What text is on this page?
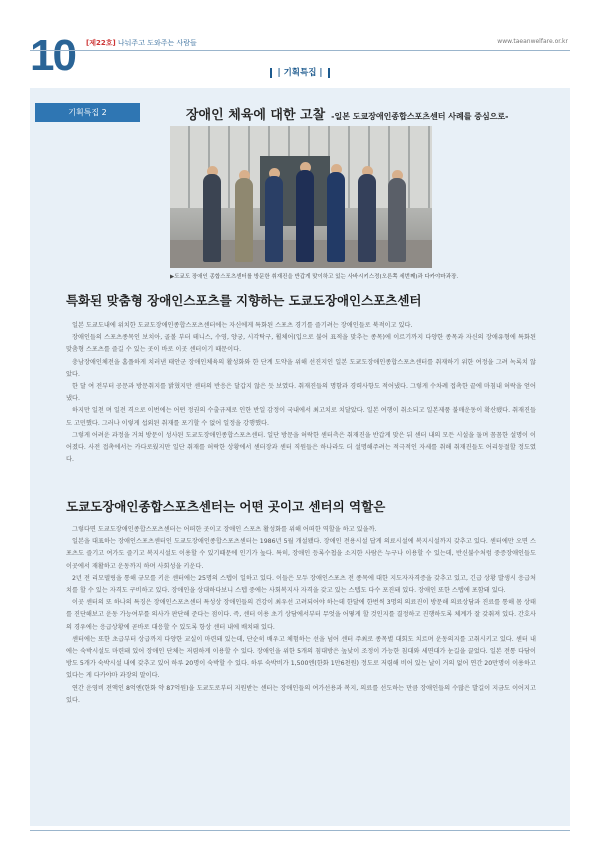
10 [제22호] 나눠주고 도와주는 사람들	www.taeanwelfare.or.kr
| 기획특집 |
기획특집 2	장애인 체육에 대한 고찰 -일본 도쿄장애인종합스포츠센터 사례를 중심으로-
▶도쿄도 장애인 종합스포츠센터를 방문한 취재진을 반갑게 맞이하고 있는 사바시키스정(오른쪽 세번째)과 다카야마과장.
특화된 맞춤형 장애인스포츠를 지향하는 도쿄도장애인스포츠센터

일본 도쿄도내에 위치한 도쿄도장애인종합스포츠센터에는 자신에게 특화된 스포츠 경기를 즐기려는 장애인들로 북적이고 있다.

장애인들의 스포츠종목인 보치아, 골볼 부터 테니스, 수영, 양궁, 시각탁구, 휠체어(입으로 불어 표적을 맞추는 종목)에 이르기까지 다양한 종목과 자신의 장애유형에 특화된 맞춤형 스포츠를 즐길 수 있는 곳이 바로 이곳 센터이기 때문이다.

충남장애인체전을 홈플하게 치러낸 태안군 장애인체육의 활성화와 한 단계 도약을 위해 선진지인 일본 도쿄도장애인종합스포츠센터를 취재하기 위한 여정을 그려 녹록치 않았다.

한 달 여 전부터 공문과 방문취지를 밝혔지만 센터의 반응은 달갑지 않은 듯 보였다. 취재진들의 명함과 경력사항도 적어냈다. 그렇게 수차례 접촉한 끝에 마침내 허락을 얻어냈다.

하지만 일천 며 일전 격으로 이번에는 어떤 정권의 수출규제로 인한 반일 감정이 국내에서 최고치로 치달았다. 일본 여행이 취소되고 일본제품 불매운동이 확산됐다. 취재진들도 고민했다. 그러나 이렇게 섭외된 취재를 포기할 수 없어 일정을 강행했다.

그렇게 어려운 과정을 거쳐 방문이 성사된 도쿄도장애인종합스포츠센터. 일단 방문을 허락한 센터측은 취재진을 반갑게 맞은 뒤 센터 내의 모든 시설을 둘며 꼼꼼한 설명이 이어졌다. 사전 접촉에서는 카다로웠지만 일단 취재를 허락한 상황에서 센터장과 센터 직원들은 하나라도 더 설명해주려는 적극적인 자세를 취해 취재진들도 어리둥절할 정도였다.

도쿄도장애인종합스포츠센터는 어떤 곳이고 센터의 역할은

그렇다면 도쿄도장애인종합스포츠센터는 어떠한 곳이고 장애인 스포츠 활성화를 위해 어떠한 역할을 하고 있을까.

일본을 대표하는 장애인스포츠센터인 도쿄도장애인종합스포츠센터는 1986년 5월 개설됐다. 장애인 전용시설 답게 의료시설에 복지시설까지 갖추고 있다. 센터에만 오면 스포츠도 즐기고 여가도 즐기고 복지시설도 이용할 수 있기때문에 인기가 높다. 특히, 장애인 등록수첩을 소지한 사람은 누구나 이용할 수 있는데, 반신불수처럼 중증장애인들도 이곳에서 재활하고 운동까지 하며 사회성을 키운다.

2년 전 리모델링을 통해 규모를 키운 센터에는 25명의 스텝이 일하고 있다. 이들은 모두 장애인스포츠 전 종목에 대한 지도자자격증을 갖추고 있고, 긴급 상황 발생시 응급처치를 할 수 있는 자격도 구비하고 있다. 장애인을 상대하다보니 스텝 중에는 사회복지사 자격을 갖고 있는 스텝도 다수 포진돼 있다. 장애인 또한 스텝에 포함돼 있다.

이곳 센터의 또 하나의 특징은 장애인스포츠센터 특성상 장애인들의 건강이 최우선 고려되어야 하는데 한달에 한번씩 3명의 의료진이 방문해 의료상담과 진료를 통해 몸 상태를 진단해보고 운동 가능여부를 의사가 판단해 준다는 점이다. 즉, 센터 이용 초기 상담에서부터 무엇을 어떻게 할 것인지를 결정하고 진행하도록 체계가 잘 갖춰져 있다. 간호사의 경우에는 응급상황에 곧바로 대응할 수 있도록 항상 센터 내에 배치돼 있다.

센터에는 또한 초급부터 상급까지 다양한 교실이 마련돼 있는데, 단순히 배우고 체험하는 선을 넘어 센터 주최로 종목별 대회도 치르며 운동의지를 고취시키고 있다. 센터 내에는 숙박시설도 마련돼 있어 장애인 단체는 저렴하게 이용할 수 있다. 장애인을 위한 5개의 침대방은 높낮이 조정이 가능한 침대와 세면대가 눈길을 끌었다. 일본 전통 다담이방도 5개가 숙박시설 내에 갖추고 있어 하루 20명이 숙박할 수 있다. 하루 숙박비가 1,500엔(한화 1만6천원) 정도로 저렴해 비어 있는 날이 거의 없어 연간 20만명이 이용하고 있다는 게 다카야마 과장의 말이다.

연간 운영비 전액인 8억엔(한화 약 87억원)을 도쿄도로부터 지원받는 센터는 장애인들의 여가선용과 복지, 의료를 선도하는 만큼 장애인들의 수많은 발길이 지금도 이어지고 있다.
